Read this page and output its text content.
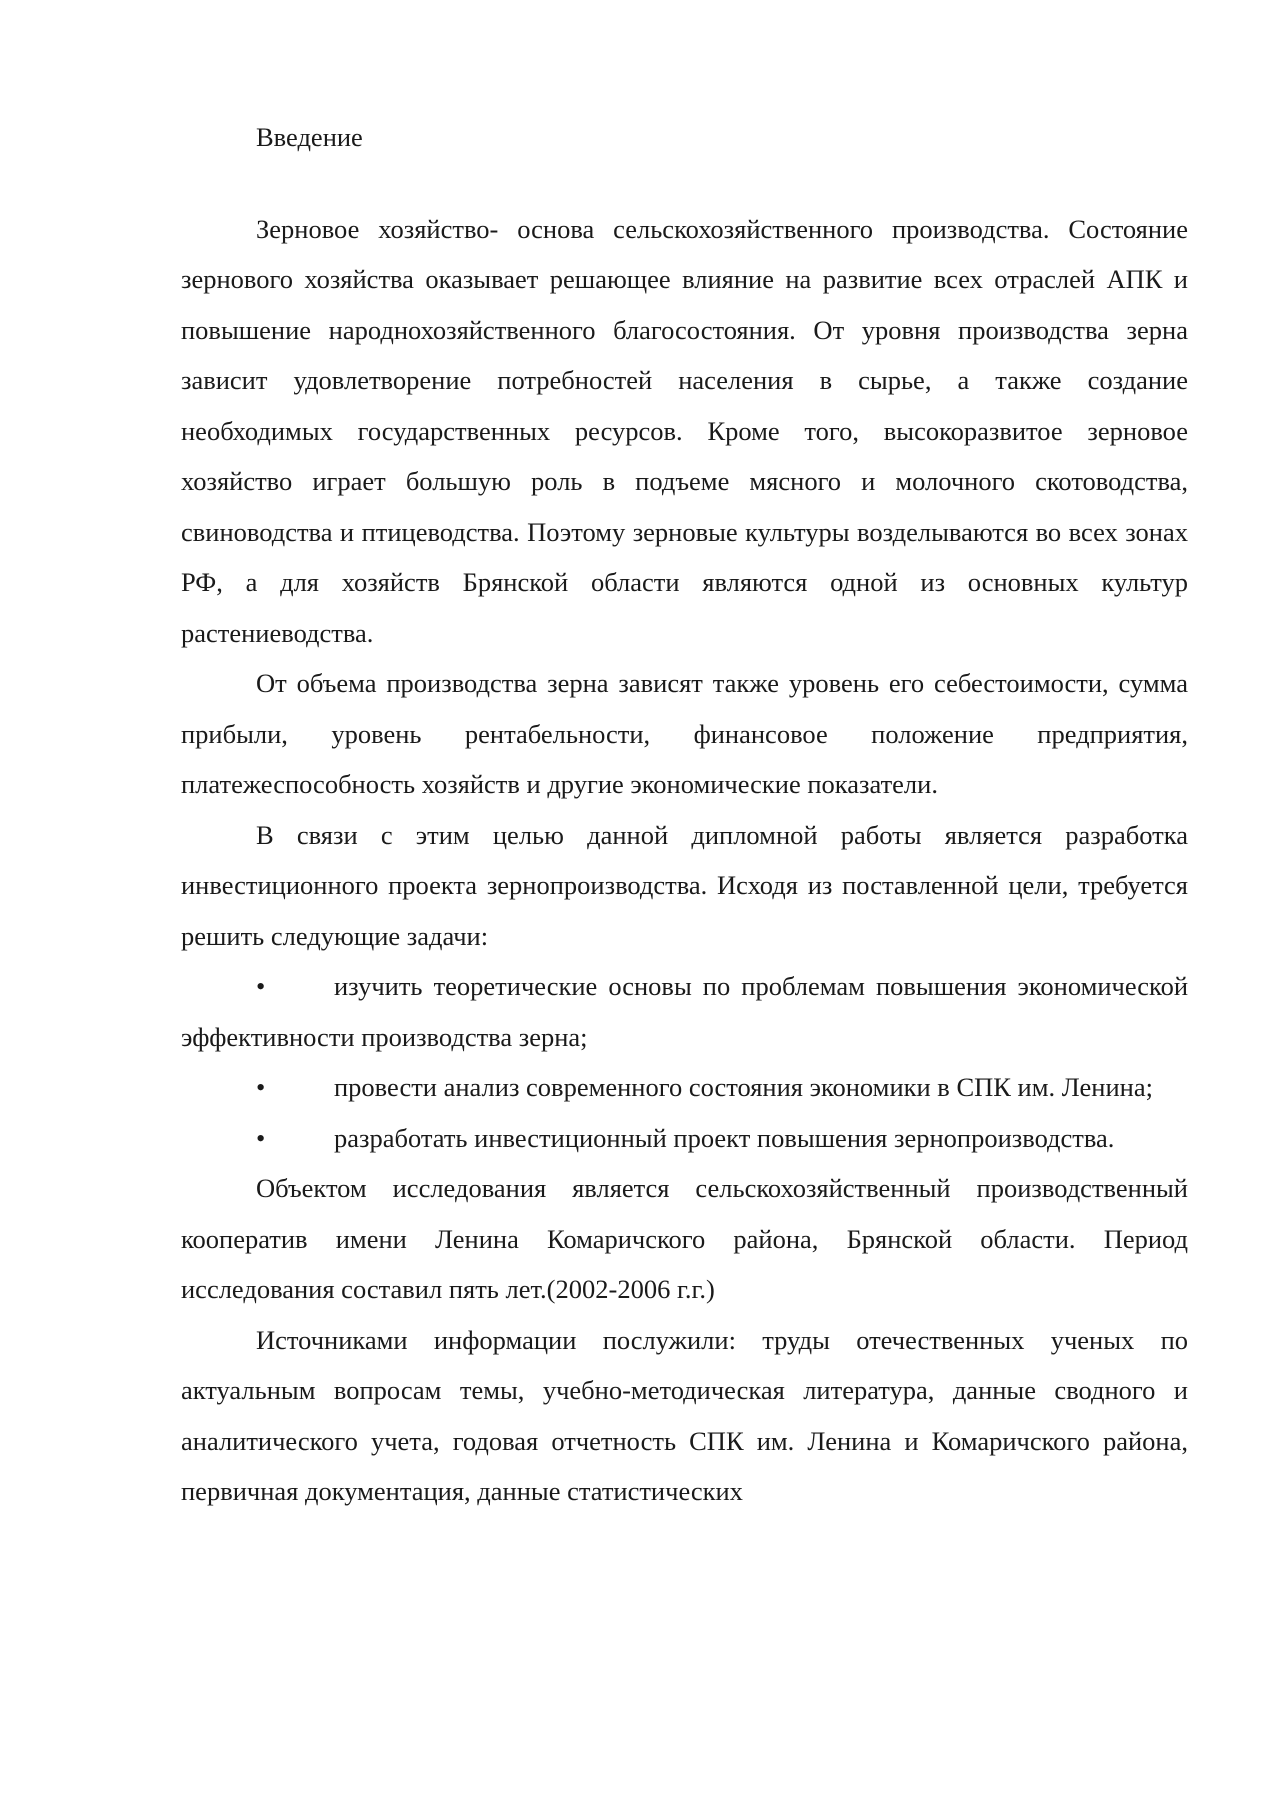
Введение

Зерновое хозяйство- основа сельскохозяйственного производства. Состояние зернового хозяйства оказывает решающее влияние на развитие всех отраслей АПК и повышение народнохозяйственного благосостояния. От уровня производства зерна зависит удовлетворение потребностей населения в сырье, а также создание необходимых государственных ресурсов. Кроме того, высокоразвитое зерновое хозяйство играет большую роль в подъеме мясного и молочного скотоводства, свиноводства и птицеводства. Поэтому зерновые культуры возделываются во всех зонах РФ, а для хозяйств Брянской области являются одной из основных культур растениеводства.

От объема производства зерна зависят также уровень его себестоимости, сумма прибыли, уровень рентабельности, финансовое положение предприятия, платежеспособность хозяйств и другие экономические показатели.

В связи с этим целью данной дипломной работы является разработка инвестиционного проекта зернопроизводства. Исходя из поставленной цели, требуется решить следующие задачи:

•	изучить теоретические основы по проблемам повышения экономической эффективности производства зерна;

•	провести анализ современного состояния экономики в СПК им. Ленина;

•	разработать инвестиционный проект повышения зернопроизводства.

Объектом исследования является сельскохозяйственный производственный кооператив имени Ленина Комаричского района, Брянской области. Период исследования составил пять лет.(2002-2006 г.г.)

Источниками информации послужили: труды отечественных ученых по актуальным вопросам темы, учебно-методическая литература, данные сводного и аналитического учета, годовая отчетность СПК им. Ленина и Комаричского района, первичная документация, данные статистических
